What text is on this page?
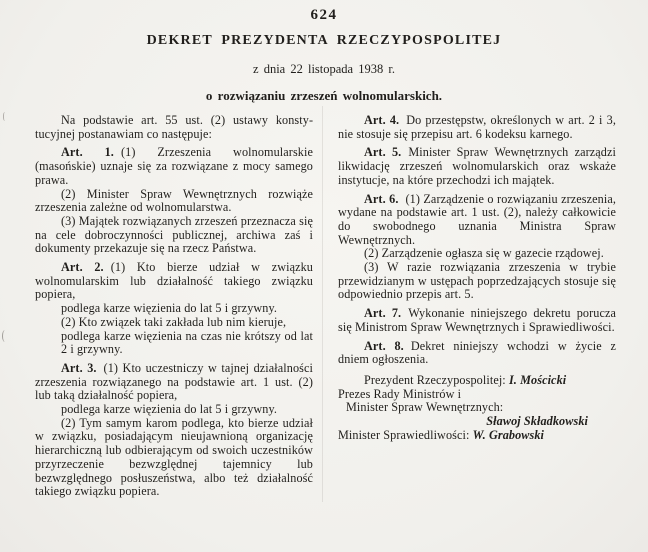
624
DEKRET PREZYDENTA RZECZYPOSPOLITEJ
z dnia 22 listopada 1938 r.
o rozwiązaniu zrzeszeń wolnomularskich.

Na podstawie art. 55 ust. (2) ustawy konstytucyjnej postanawiam co następuje:

Art. 1. (1) Zrzeszenia wolnomularskie (masońskie) uznaje się za rozwiązane z mocy samego prawa.

(2) Minister Spraw Wewnętrznych rozwiąże zrzeszenia zależne od wolnomularstwa.

(3) Majątek rozwiązanych zrzeszeń przeznacza się na cele dobroczynności publicznej, archiwa zaś i dokumenty przekazuje się na rzecz Państwa.

Art. 2. (1) Kto bierze udział w związku wolnomularskim lub działalność takiego związku popiera,

podlega karze więzienia do lat 5 i grzywny.

(2) Kto związek taki zakłada lub nim kieruje,

podlega karze więzienia na czas nie krótszy od lat 2 i grzywny.

Art. 3. (1) Kto uczestniczy w tajnej działalności zrzeszenia rozwiązanego na podstawie art. 1 ust. (2) lub taką działalność popiera,

podlega karze więzienia do lat 5 i grzywny.

(2) Tym samym karom podlega, kto bierze udział w związku, posiadającym nieujawnioną organizację hierarchiczną lub odbierającym od swoich uczestników przyrzeczenie bezwzględnej tajemnicy lub bezwzględnego posłuszeństwa, albo też działalność takiego związku popiera.

Art. 4. Do przestępstw, określonych w art. 2 i 3, nie stosuje się przepisu art. 6 kodeksu karnego.

Art. 5. Minister Spraw Wewnętrznych zarządzi likwidację zrzeszeń wolnomularskich oraz wskaże instytucje, na które przechodzi ich majątek.

Art. 6. (1) Zarządzenie o rozwiązaniu zrzeszenia, wydane na podstawie art. 1 ust. (2), należy całkowicie do swobodnego uznania Ministra Spraw Wewnętrznych.

(2) Zarządzenie ogłasza się w gazecie rządowej.

(3) W razie rozwiązania zrzeszenia w trybie przewidzianym w ustępach poprzedzających stosuje się odpowiednio przepis art. 5.

Art. 7. Wykonanie niniejszego dekretu porucza się Ministrom Spraw Wewnętrznych i Sprawiedliwości.

Art. 8. Dekret niniejszy wchodzi w życie z dniem ogłoszenia.

Prezydent Rzeczypospolitej: I. Mościcki

Prezes Rady Ministrów i

Minister Spraw Wewnętrznych:

Sławoj Składkowski

Minister Sprawiedliwości: W. Grabowski
